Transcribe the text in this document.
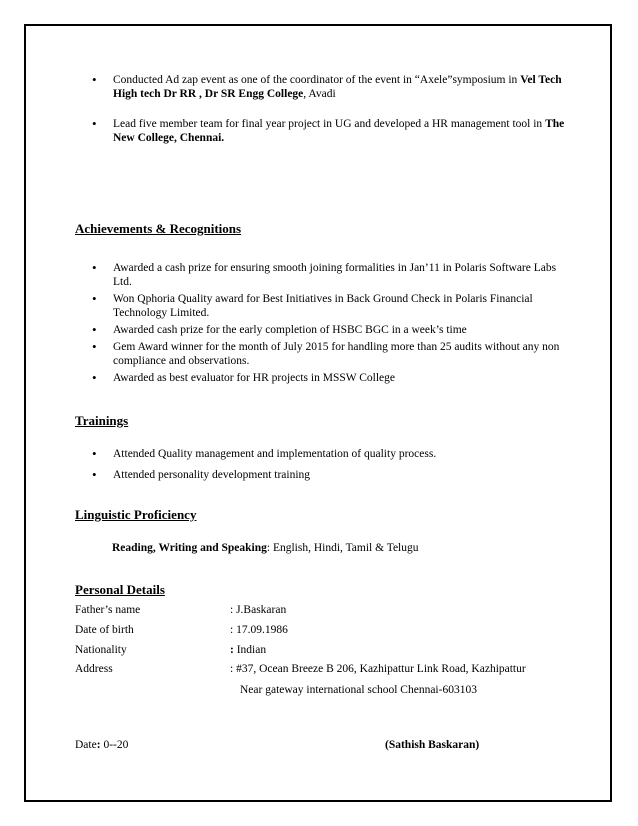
• Conducted Ad zap event as one of the coordinator of the event in “Axele”symposium in Vel Tech High tech Dr RR , Dr SR Engg College, Avadi
• Lead five member team for final year project in UG and developed a HR management tool in The New College, Chennai.
Achievements & Recognitions
• Awarded a cash prize for ensuring smooth joining formalities in Jan’11 in Polaris Software Labs Ltd.
• Won Qphoria Quality award for Best Initiatives in Back Ground Check in Polaris Financial Technology Limited.
• Awarded cash prize for the early completion of HSBC BGC in a week’s time
• Gem Award winner for the month of July 2015 for handling more than 25 audits without any non compliance and observations.
• Awarded as best evaluator for HR projects in MSSW College
Trainings
• Attended Quality management and implementation of quality process.
• Attended personality development training
Linguistic Proficiency
Reading, Writing and Speaking: English, Hindi, Tamil & Telugu
Personal Details
Father’s name	: J.Baskaran
Date of birth	: 17.09.1986
Nationality	: Indian
Address	: #37, Ocean Breeze B 206, Kazhipattur Link Road, Kazhipattur
Near gateway international school Chennai-603103
Date: 0--20	(Sathish Baskaran)
